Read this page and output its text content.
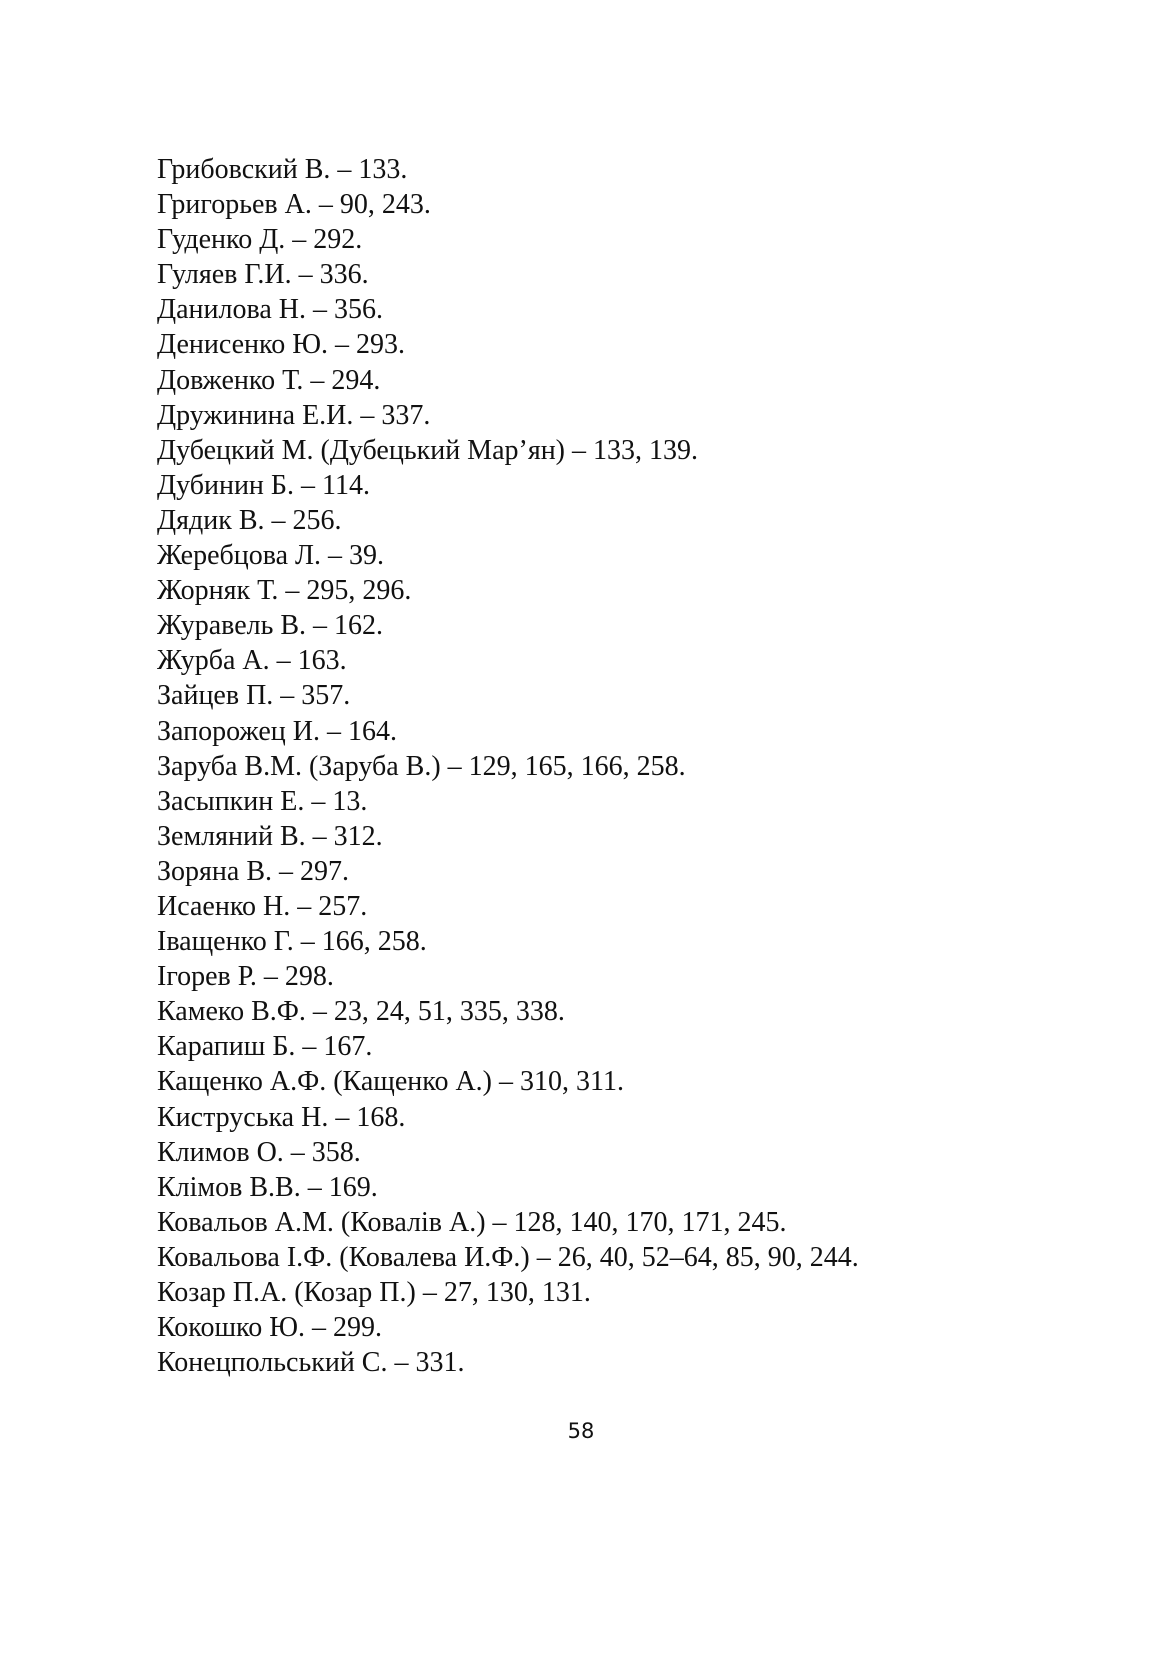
Грибовский В. – 133.
Григорьев А. – 90, 243.
Гуденко Д. – 292.
Гуляев Г.И. – 336.
Данилова Н. – 356.
Денисенко Ю. – 293.
Довженко Т. – 294.
Дружинина Е.И. – 337.
Дубецкий М. (Дубецький Мар’ян) – 133, 139.
Дубинин Б. – 114.
Дядик В. – 256.
Жеребцова Л. – 39.
Жорняк Т. – 295, 296.
Журавель В. – 162.
Журба А. – 163.
Зайцев П. – 357.
Запорожец И. – 164.
Заруба В.М. (Заруба В.) – 129, 165, 166, 258.
Засыпкин Е. – 13.
Земляний В. – 312.
Зоряна В. – 297.
Исаенко Н. – 257.
Іващенко Г. – 166, 258.
Ігорев Р. – 298.
Камеко В.Ф. – 23, 24, 51, 335, 338.
Карапиш Б. – 167.
Кащенко А.Ф. (Кащенко А.) – 310, 311.
Киструська Н. – 168.
Климов О. – 358.
Клімов В.В. – 169.
Ковальов А.М. (Ковалів А.) – 128, 140, 170, 171, 245.
Ковальова І.Ф. (Ковалева И.Ф.) – 26, 40, 52–64, 85, 90, 244.
Козар П.А. (Козар П.) – 27, 130, 131.
Кокошко Ю. – 299.
Конецпольський С. – 331.
58
